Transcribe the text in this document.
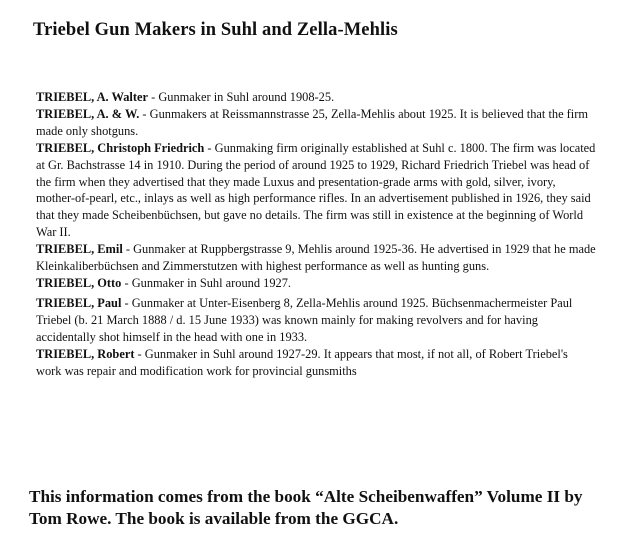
Triebel Gun Makers in Suhl and Zella-Mehlis
TRIEBEL, A. Walter - Gunmaker in Suhl around 1908-25.
TRIEBEL, A. & W. - Gunmakers at Reissmannstrasse 25, Zella-Mehlis about 1925. It is believed that the firm made only shotguns.
TRIEBEL, Christoph Friedrich - Gunmaking firm originally established at Suhl c. 1800. The firm was located at Gr. Bachstrasse 14 in 1910. During the period of around 1925 to 1929, Richard Friedrich Triebel was head of the firm when they advertised that they made Luxus and presentation-grade arms with gold, silver, ivory, mother-of-pearl, etc., inlays as well as high performance rifles. In an advertisement published in 1926, they said that they made Scheibenbüchsen, but gave no details. The firm was still in existence at the beginning of World War II.
TRIEBEL, Emil - Gunmaker at Ruppbergstrasse 9, Mehlis around 1925-36. He advertised in 1929 that he made Kleinkaliberbüchsen and Zimmerstutzen with highest performance as well as hunting guns.
TRIEBEL, Otto - Gunmaker in Suhl around 1927.
TRIEBEL, Paul - Gunmaker at Unter-Eisenberg 8, Zella-Mehlis around 1925. Büchsenmachermeister Paul Triebel (b. 21 March 1888 / d. 15 June 1933) was known mainly for making revolvers and for having accidentally shot himself in the head with one in 1933.
TRIEBEL, Robert - Gunmaker in Suhl around 1927-29. It appears that most, if not all, of Robert Triebel's work was repair and modification work for provincial gunsmiths
This information comes from the book “Alte Scheibenwaffen” Volume II by Tom Rowe. The book is available from the GGCA.
